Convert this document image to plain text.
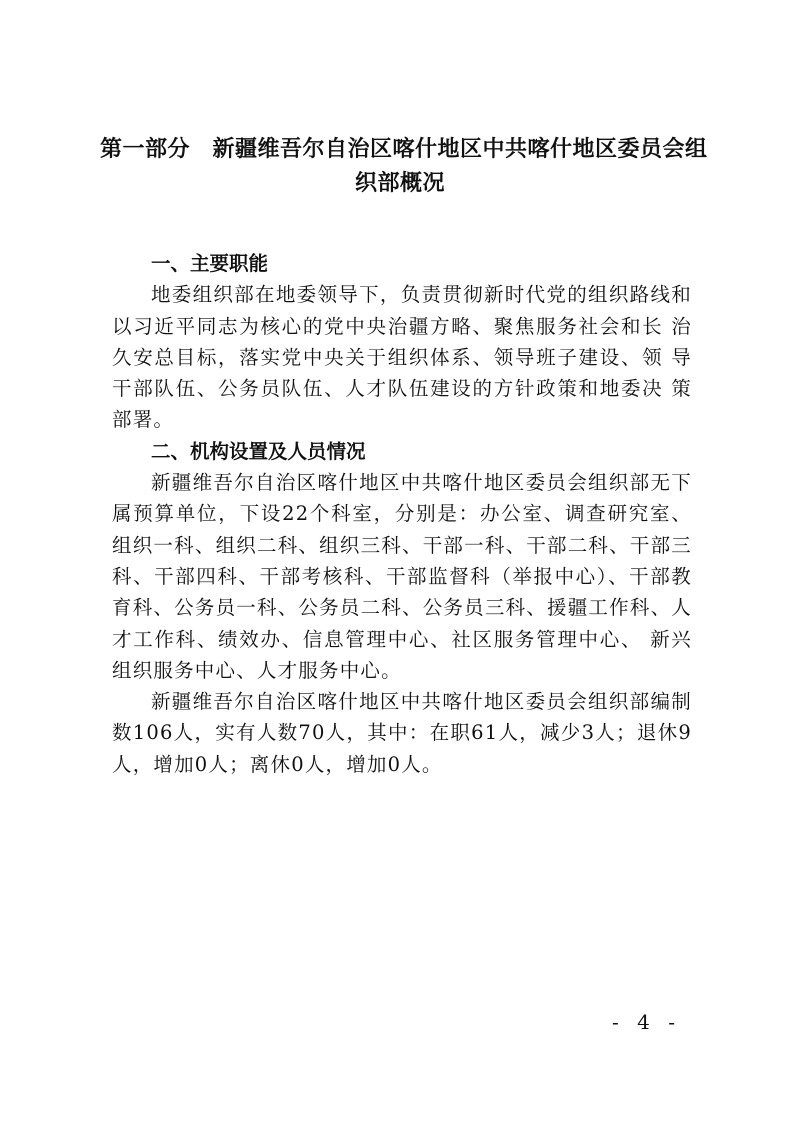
第一部分　新疆维吾尔自治区喀什地区中共喀什地区委员会组
织部概况

一、主要职能

地委组织部在地委领导下，负责贯彻新时代党的组织路线和以习近平同志为核心的党中央治疆方略、聚焦服务社会和长 治久安总目标，落实党中央关于组织体系、领导班子建设、领 导干部队伍、公务员队伍、人才队伍建设的方针政策和地委决 策部署。

二、机构设置及人员情况

新疆维吾尔自治区喀什地区中共喀什地区委员会组织部无下属预算单位，下设22个科室，分别是：办公室、调查研究室、组织一科、组织二科、组织三科、干部一科、干部二科、干部三科、干部四科、干部考核科、干部监督科（举报中心）、干部教育科、公务员一科、公务员二科、公务员三科、援疆工作科、人才工作科、绩效办、信息管理中心、社区服务管理中心、 新兴组织服务中心、人才服务中心。

新疆维吾尔自治区喀什地区中共喀什地区委员会组织部编制数106人，实有人数70人，其中：在职61人，减少3人；退休9人，增加0人；离休0人，增加0人。

- 4 -
